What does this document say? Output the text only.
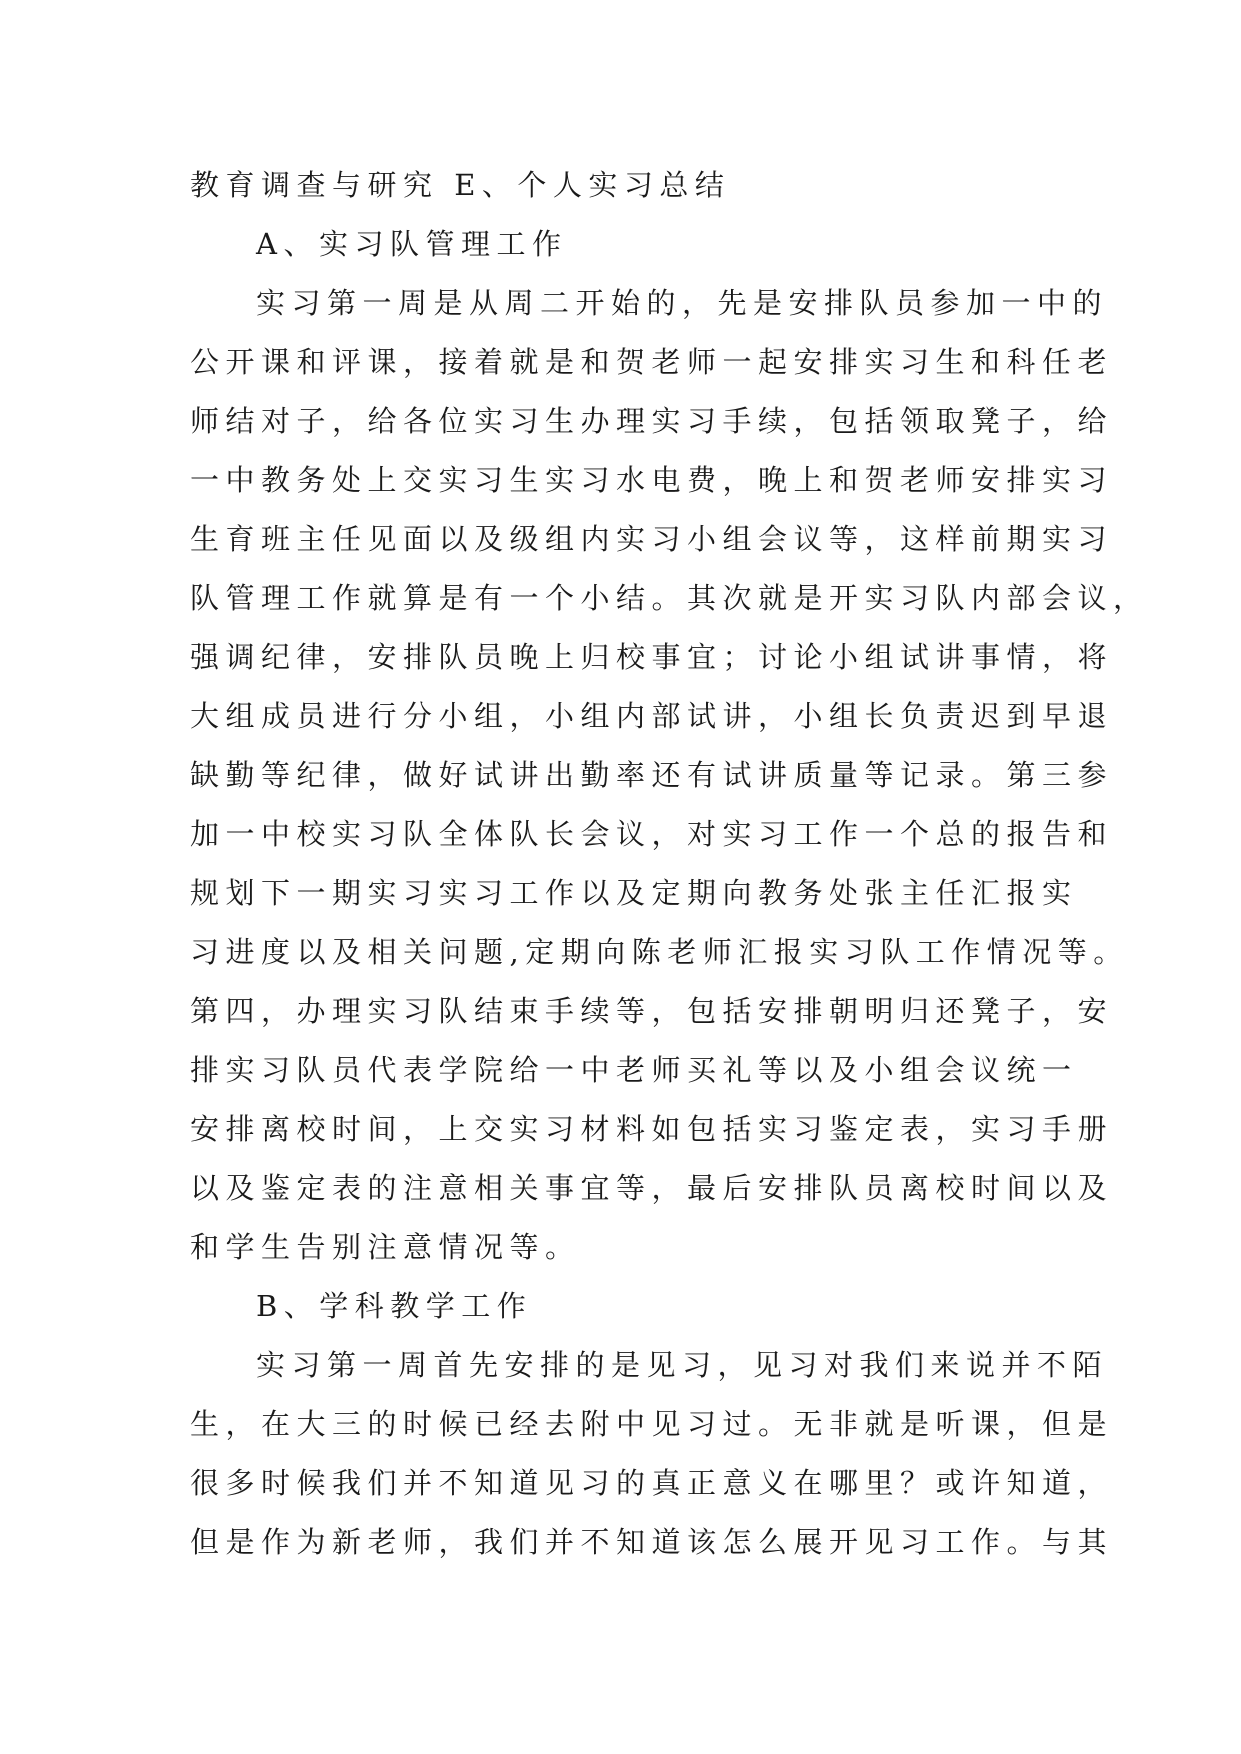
教育调查与研究 E、个人实习总结
A、实习队管理工作
实习第一周是从周二开始的，先是安排队员参加一中的
公开课和评课，接着就是和贺老师一起安排实习生和科任老
师结对子，给各位实习生办理实习手续，包括领取凳子，给
一中教务处上交实习生实习水电费，晚上和贺老师安排实习
生育班主任见面以及级组内实习小组会议等，这样前期实习
队管理工作就算是有一个小结。其次就是开实习队内部会议，
强调纪律，安排队员晚上归校事宜；讨论小组试讲事情，将
大组成员进行分小组，小组内部试讲，小组长负责迟到早退
缺勤等纪律，做好试讲出勤率还有试讲质量等记录。第三参
加一中校实习队全体队长会议，对实习工作一个总的报告和
规划下一期实习实习工作以及定期向教务处张主任汇报实
习进度以及相关问题,定期向陈老师汇报实习队工作情况等。
第四，办理实习队结束手续等，包括安排朝明归还凳子，安
排实习队员代表学院给一中老师买礼等以及小组会议统一
安排离校时间，上交实习材料如包括实习鉴定表，实习手册
以及鉴定表的注意相关事宜等，最后安排队员离校时间以及
和学生告别注意情况等。
B、学科教学工作
实习第一周首先安排的是见习，见习对我们来说并不陌
生，在大三的时候已经去附中见习过。无非就是听课，但是
很多时候我们并不知道见习的真正意义在哪里？或许知道，
但是作为新老师，我们并不知道该怎么展开见习工作。与其
